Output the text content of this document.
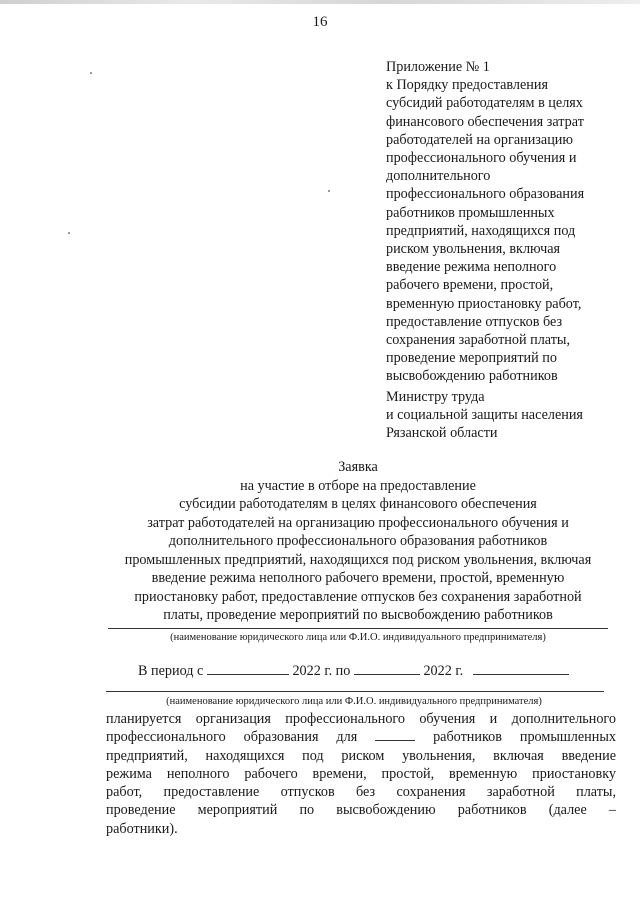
16
Приложение № 1
к Порядку предоставления
субсидий работодателям в целях
финансового обеспечения затрат
работодателей на организацию
профессионального обучения и
дополнительного
профессионального образования
работников промышленных
предприятий, находящихся под
риском увольнения, включая
введение режима неполного
рабочего времени, простой,
временную приостановку работ,
предоставление отпусков без
сохранения заработной платы,
проведение мероприятий по
высвобождению работников
Министру труда
и социальной защиты населения
Рязанской области
Заявка
на участие в отборе на предоставление
субсидии работодателям в целях финансового обеспечения
затрат работодателей на организацию профессионального обучения и
дополнительного профессионального образования работников
промышленных предприятий, находящихся под риском увольнения, включая
введение режима неполного рабочего времени, простой, временную
приостановку работ, предоставление отпусков без сохранения заработной
платы, проведение мероприятий по высвобождению работников
(наименование юридического лица или Ф.И.О. индивидуального предпринимателя)
В период с	2022 г. по	2022 г.
(наименование юридического лица или Ф.И.О. индивидуального предпринимателя)
планируется организация профессионального обучения и дополнительного
профессионального образования для	работников промышленных
предприятий, находящихся под риском увольнения, включая введение
режима неполного рабочего времени, простой, временную приостановку
работ, предоставление отпусков без сохранения заработной платы,
проведение мероприятий по высвобождению работников (далее –
работники).
